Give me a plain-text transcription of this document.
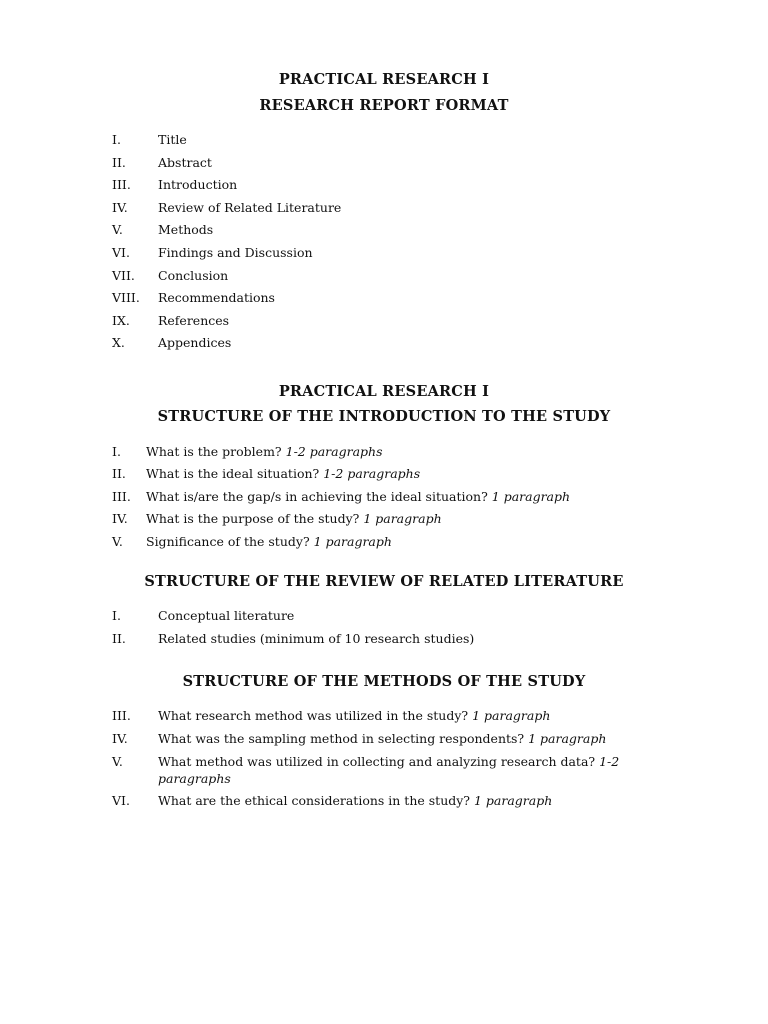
PRACTICAL RESEARCH I
RESEARCH REPORT FORMAT
I.	Title
II.	Abstract
III. Introduction
IV. Review of Related Literature
V.	Methods
VI. Findings and Discussion
VII. Conclusion
VIII. Recommendations
IX. References
X.	Appendices
PRACTICAL RESEARCH I
STRUCTURE OF THE INTRODUCTION TO THE STUDY
I. What is the problem? 1-2 paragraphs
II. What is the ideal situation? 1-2 paragraphs
III. What is/are the gap/s in achieving the ideal situation? 1 paragraph
IV. What is the purpose of the study? 1 paragraph
V. Significance of the study? 1 paragraph
STRUCTURE OF THE REVIEW OF RELATED LITERATURE
I.	Conceptual literature
II.	Related studies (minimum of 10 research studies)
STRUCTURE OF THE METHODS OF THE STUDY
III. What research method was utilized in the study? 1 paragraph
IV. What was the sampling method in selecting respondents? 1 paragraph
V.	What method was utilized in collecting and analyzing research data? 1-2 paragraphs
VI. What are the ethical considerations in the study? 1 paragraph
